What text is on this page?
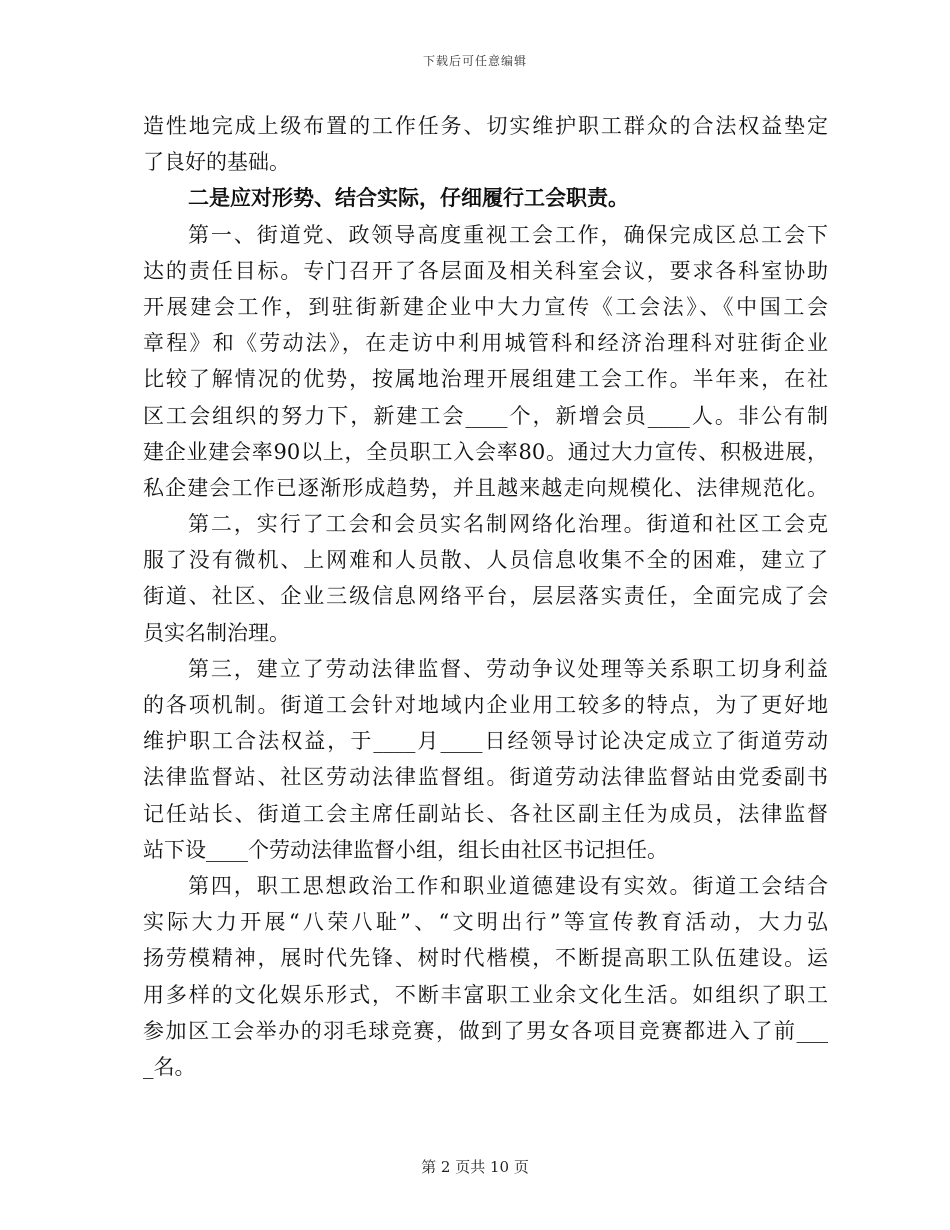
下载后可任意编辑
造性地完成上级布置的工作任务、切实维护职工群众的合法权益垫定
了良好的基础。
二是应对形势、结合实际，仔细履行工会职责。
第一、街道党、政领导高度重视工会工作，确保完成区总工会下
达的责任目标。专门召开了各层面及相关科室会议，要求各科室协助
开展建会工作，到驻街新建企业中大力宣传《工会法》、《中国工会
章程》和《劳动法》，在走访中利用城管科和经济治理科对驻街企业
比较了解情况的优势，按属地治理开展组建工会工作。半年来，在社
区工会组织的努力下，新建工会____个，新增会员____人。非公有制
建企业建会率90以上，全员职工入会率80。通过大力宣传、积极进展，
私企建会工作已逐渐形成趋势，并且越来越走向规模化、法律规范化。
第二，实行了工会和会员实名制网络化治理。街道和社区工会克
服了没有微机、上网难和人员散、人员信息收集不全的困难，建立了
街道、社区、企业三级信息网络平台，层层落实责任，全面完成了会
员实名制治理。
第三，建立了劳动法律监督、劳动争议处理等关系职工切身利益
的各项机制。街道工会针对地域内企业用工较多的特点，为了更好地
维护职工合法权益，于____月____日经领导讨论决定成立了街道劳动
法律监督站、社区劳动法律监督组。街道劳动法律监督站由党委副书
记任站长、街道工会主席任副站长、各社区副主任为成员，法律监督
站下设____个劳动法律监督小组，组长由社区书记担任。
第四，职工思想政治工作和职业道德建设有实效。街道工会结合
实际大力开展“八荣八耻”、“文明出行”等宣传教育活动，大力弘
扬劳模精神，展时代先锋、树时代楷模，不断提高职工队伍建设。运
用多样的文化娱乐形式，不断丰富职工业余文化生活。如组织了职工
参加区工会举办的羽毛球竞赛，做到了男女各项目竞赛都进入了前___
_名。
第 2 页共 10 页
